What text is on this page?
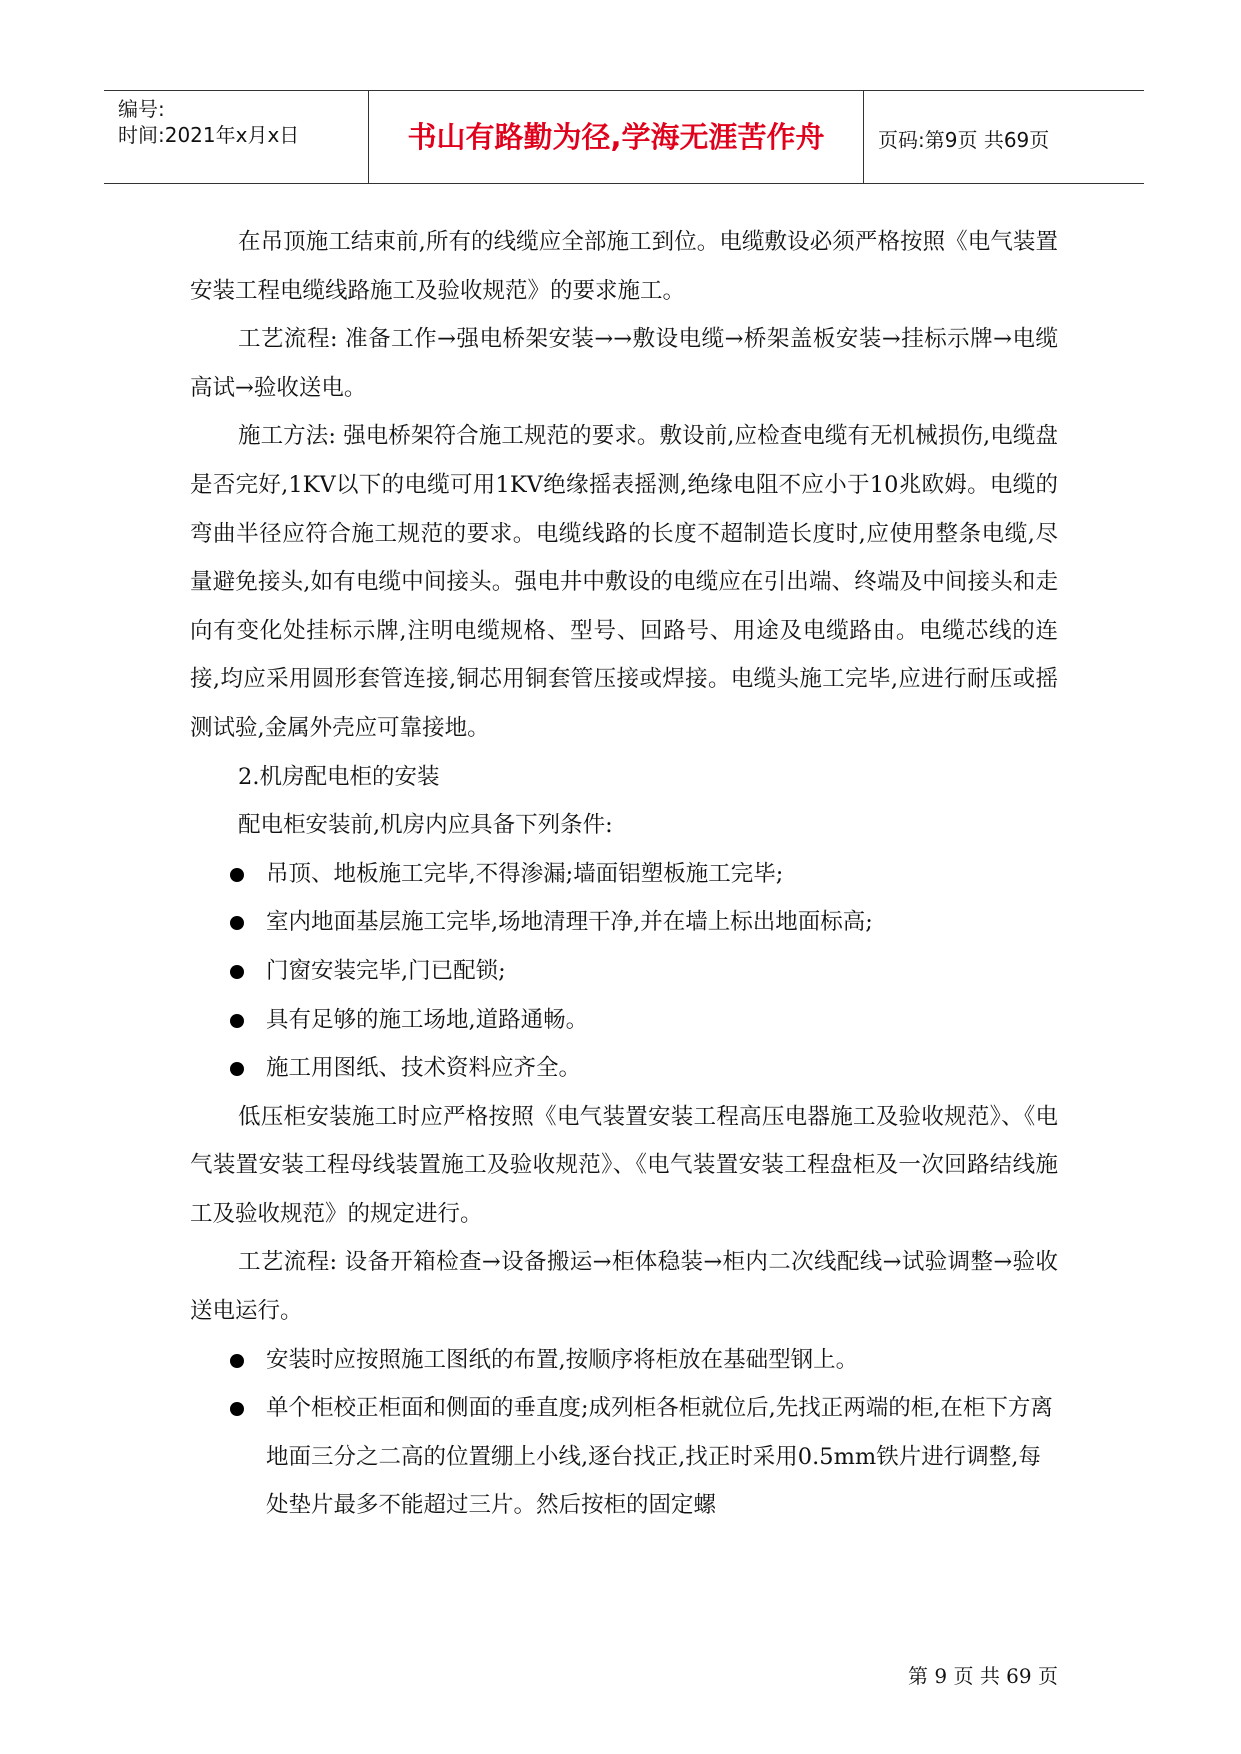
编号:
时间:2021年x月x日	书山有路勤为径,学海无涯苦作舟	页码:第9页 共69页

在吊顶施工结束前,所有的线缆应全部施工到位。电缆敷设必须严格按照《电气装置安装工程电缆线路施工及验收规范》的要求施工。

工艺流程: 准备工作→强电桥架安装→→敷设电缆→桥架盖板安装→挂标示牌→电缆高试→验收送电。

施工方法: 强电桥架符合施工规范的要求。敷设前,应检查电缆有无机械损伤,电缆盘是否完好,1KV以下的电缆可用1KV绝缘摇表摇测,绝缘电阻不应小于10兆欧姆。电缆的弯曲半径应符合施工规范的要求。电缆线路的长度不超制造长度时,应使用整条电缆,尽量避免接头,如有电缆中间接头。强电井中敷设的电缆应在引出端、终端及中间接头和走向有变化处挂标示牌,注明电缆规格、型号、回路号、用途及电缆路由。电缆芯线的连接,均应采用圆形套管连接,铜芯用铜套管压接或焊接。电缆头施工完毕,应进行耐压或摇测试验,金属外壳应可靠接地。

2.机房配电柜的安装

配电柜安装前,机房内应具备下列条件:

吊顶、地板施工完毕,不得渗漏;墙面铝塑板施工完毕;
室内地面基层施工完毕,场地清理干净,并在墙上标出地面标高;
门窗安装完毕,门已配锁;
具有足够的施工场地,道路通畅。
施工用图纸、技术资料应齐全。

低压柜安装施工时应严格按照《电气装置安装工程高压电器施工及验收规范》、《电气装置安装工程母线装置施工及验收规范》、《电气装置安装工程盘柜及一次回路结线施工及验收规范》的规定进行。

工艺流程: 设备开箱检查→设备搬运→柜体稳装→柜内二次线配线→试验调整→验收送电运行。

安装时应按照施工图纸的布置,按顺序将柜放在基础型钢上。
单个柜校正柜面和侧面的垂直度;成列柜各柜就位后,先找正两端的柜,在柜下方离地面三分之二高的位置绷上小线,逐台找正,找正时采用0.5mm铁片进行调整,每处垫片最多不能超过三片。然后按柜的固定螺
第 9 页 共 69 页
